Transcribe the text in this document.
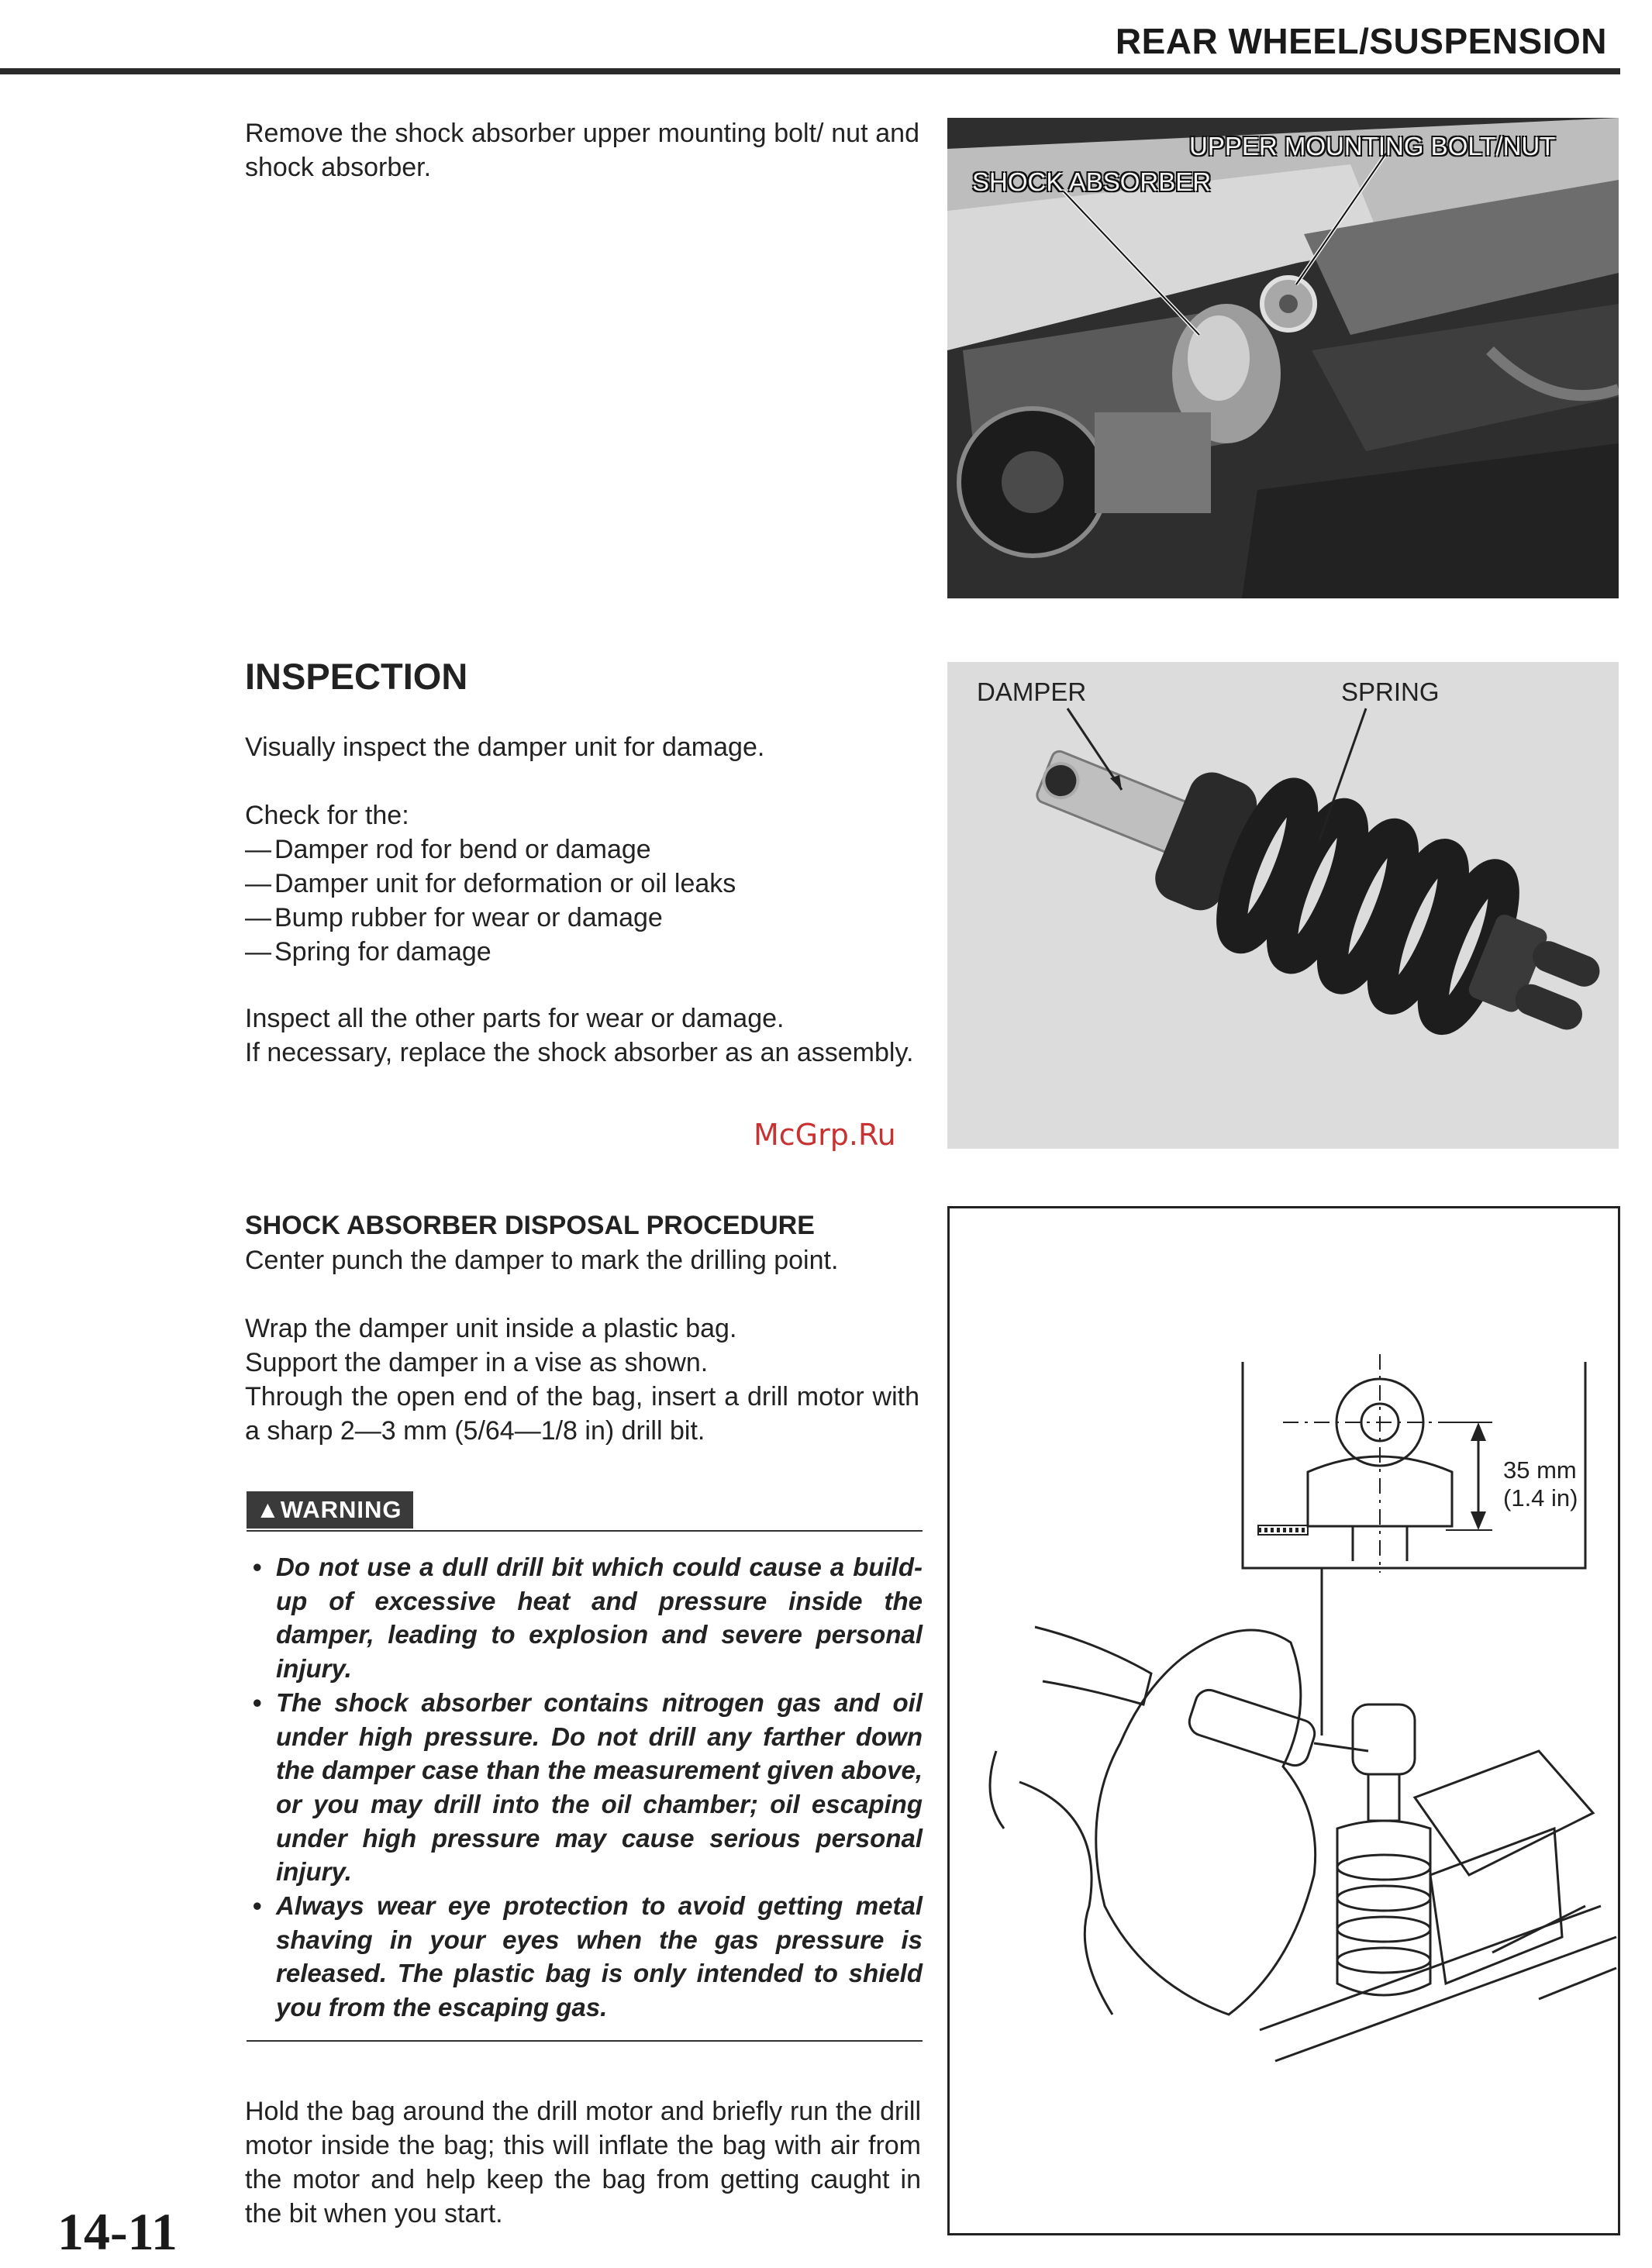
REAR WHEEL/SUSPENSION
Remove the shock absorber upper mounting bolt/ nut and shock absorber.
UPPER MOUNTING BOLT/NUT
SHOCK ABSORBER
INSPECTION
Visually inspect the damper unit for damage.

Check for the:

— Damper rod for bend or damage

— Damper unit for deformation or oil leaks

— Bump rubber for wear or damage

— Spring for damage

Inspect all the other parts for wear or damage.

If necessary, replace the shock absorber as an assembly.

DAMPER	SPRING
McGrp.Ru
SHOCK ABSORBER DISPOSAL PROCEDURE
Center punch the damper to mark the drilling point.

Wrap the damper unit inside a plastic bag.

Support the damper in a vise as shown.

Through the open end of the bag, insert a drill motor with a sharp 2—3 mm (5/64—1/8 in) drill bit.

▲WARNING
• Do not use a dull drill bit which could cause a build-up of excessive heat and pressure inside the damper, leading to explosion and severe personal injury.
• The shock absorber contains nitrogen gas and oil under high pressure. Do not drill any farther down the damper case than the measurement given above, or you may drill into the oil chamber; oil escaping under high pressure may cause serious personal injury.
• Always wear eye protection to avoid getting metal shaving in your eyes when the gas pressure is released. The plastic bag is only intended to shield you from the escaping gas.
Hold the bag around the drill motor and briefly run the drill motor inside the bag; this will inflate the bag with air from the motor and help keep the bag from getting caught in the bit when you start.
35 mm
(1.4 in)
14-11
